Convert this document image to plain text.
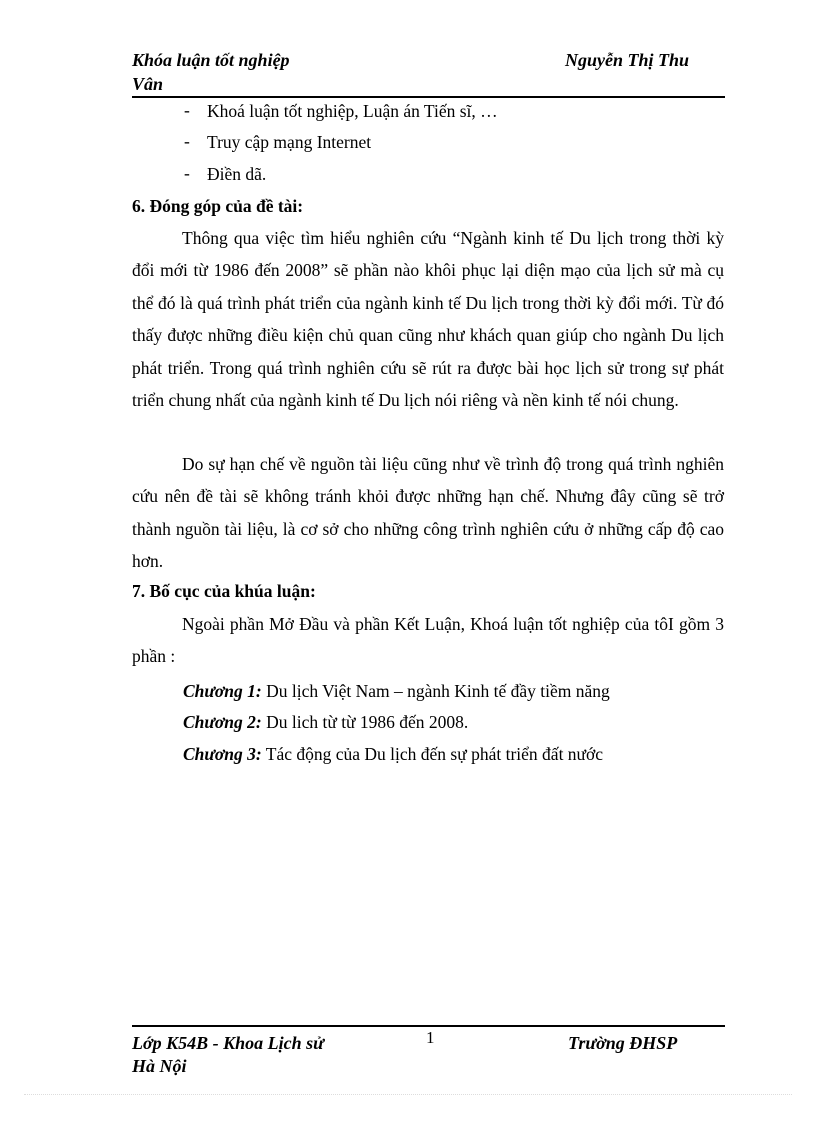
Khóa luận tốt nghiệp
Vân
Nguyễn Thị Thu
- Khoá luận tốt nghiệp, Luận án Tiến sĩ, …
- Truy cập mạng Internet
- Điền dã.
6. Đóng góp của đề tài:

Thông qua việc tìm hiểu nghiên cứu “Ngành kinh tế Du lịch trong thời kỳ đổi mới từ 1986 đến 2008” sẽ phần nào khôi phục lại diện mạo của lịch sử mà cụ thể đó là quá trình phát triển của ngành kinh tế Du lịch trong thời kỳ đổi mới. Từ đó thấy được những điều kiện chủ quan cũng như khách quan giúp cho ngành Du lịch phát triển. Trong quá trình nghiên cứu sẽ rút ra được bài học lịch sử trong sự phát triển chung nhất của ngành kinh tế Du lịch nói riêng và nền kinh tế nói chung.

Do sự hạn chế về nguồn tài liệu cũng như về trình độ trong quá trình nghiên cứu nên đề tài sẽ không tránh khỏi được những hạn chế. Nhưng đây cũng sẽ trở thành nguồn tài liệu, là cơ sở cho những công trình nghiên cứu ở những cấp độ cao hơn.

7. Bố cục của khúa luận:

Ngoài phần Mở Đầu và phần Kết Luận, Khoá luận tốt nghiệp của tôI gồm 3 phần :

Chương 1: Du lịch Việt Nam – ngành Kinh tế đầy tiềm năng
Chương 2: Du lich từ từ 1986 đến 2008.
Chương 3: Tác động của Du lịch đến sự phát triển đất nước
Lớp K54B - Khoa Lịch sử
Hà Nội
1	Trường ĐHSP
